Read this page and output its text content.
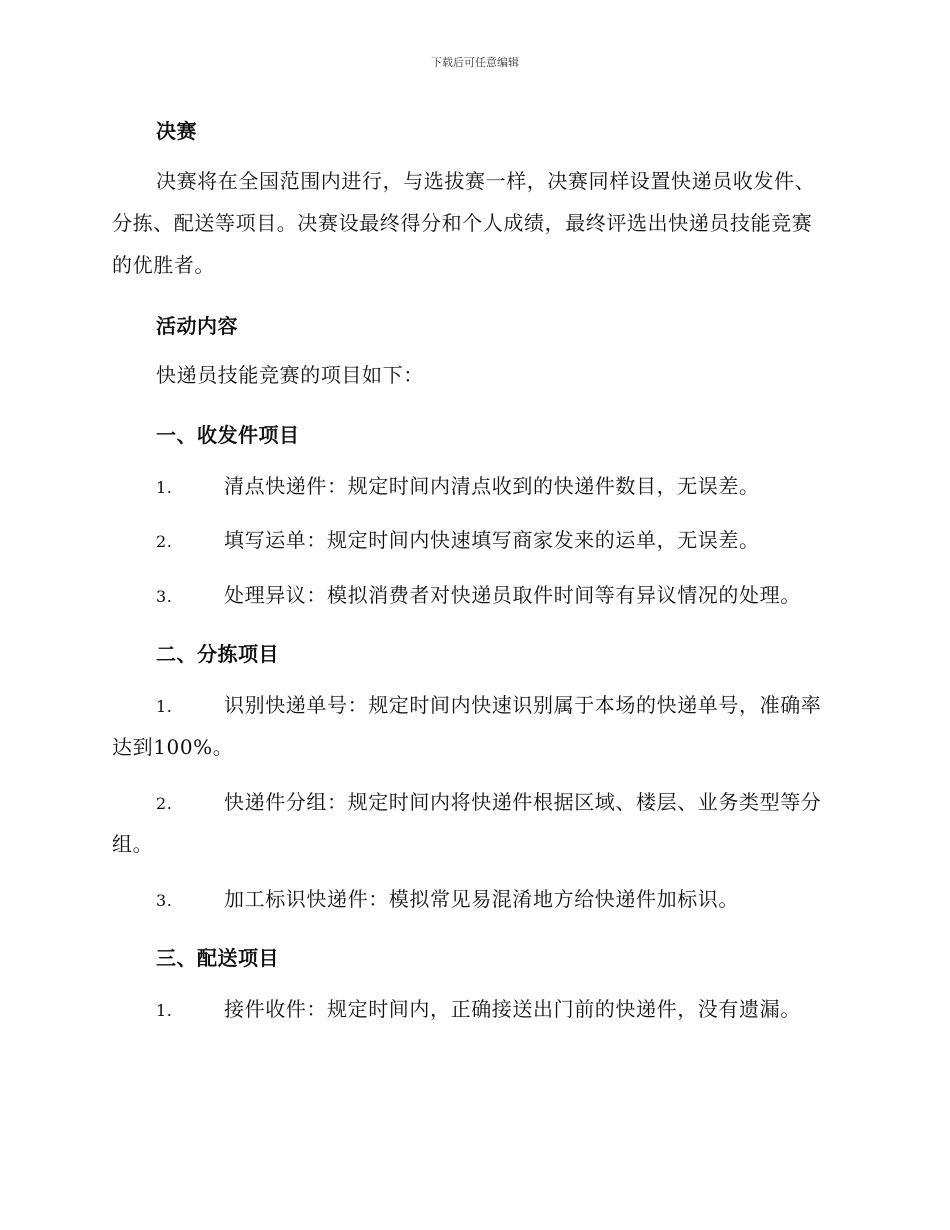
下载后可任意编辑
决赛
决赛将在全国范围内进行，与选拔赛一样，决赛同样设置快递员收发件、分拣、配送等项目。决赛设最终得分和个人成绩，最终评选出快递员技能竞赛的优胜者。
活动内容
快递员技能竞赛的项目如下：
一、收发件项目
1.	清点快递件：规定时间内清点收到的快递件数目，无误差。
2.	填写运单：规定时间内快速填写商家发来的运单，无误差。
3.	处理异议：模拟消费者对快递员取件时间等有异议情况的处理。
二、分拣项目
1.	识别快递单号：规定时间内快速识别属于本场的快递单号，准确率达到100%。
2.	快递件分组：规定时间内将快递件根据区域、楼层、业务类型等分组。
3.	加工标识快递件：模拟常见易混淆地方给快递件加标识。
三、配送项目
1.	接件收件：规定时间内，正确接送出门前的快递件，没有遗漏。
